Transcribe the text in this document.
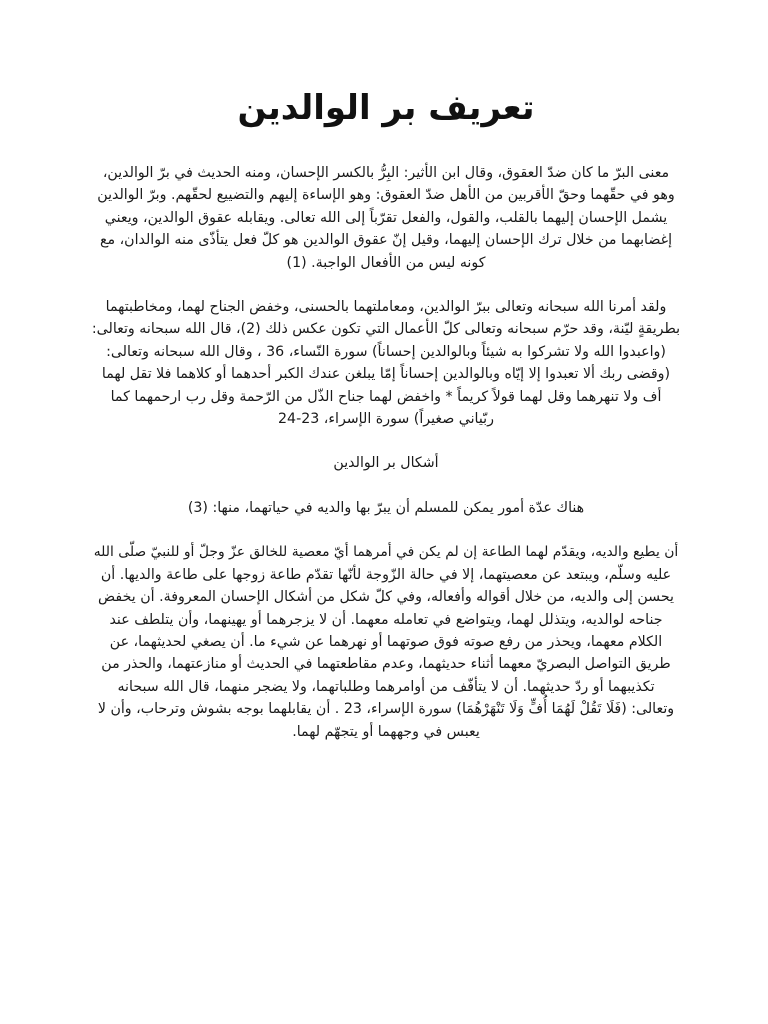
تعريف بر الوالدين

معنى البرّ ما كان ضدّ العقوق، وقال ابن الأثير: البِرُّ بالكسر الإحسان، ومنه الحديث في برّ الوالدين،
وهو في حقّهما وحقّ الأقربين من الأهل ضدّ العقوق: وهو الإساءة إليهم والتضييع لحقّهم. وبرّ الوالدين
يشمل الإحسان إليهما بالقلب، والقول، والفعل تقرّباً إلى الله تعالى. ويقابله عقوق الوالدين، ويعني
إغضابهما من خلال ترك الإحسان إليهما، وقيل إنّ عقوق الوالدين هو كلّ فعل يتأذّى منه الوالدان، مع
كونه ليس من الأفعال الواجبة. (1)

ولقد أمرنا الله سبحانه وتعالى ببرّ الوالدين، ومعاملتهما بالحسنى، وخفض الجناح لهما، ومخاطبتهما
بطريقةٍ ليّنة، وقد حرّم سبحانه وتعالى كلّ الأعمال التي تكون عكس ذلك (2)، قال الله سبحانه وتعالى:
(واعبدوا الله ولا تشركوا به شيئاً وبالوالدين إحساناً) سورة النّساء، 36 ، وقال الله سبحانه وتعالى:
(وقضى ربك ألا تعبدوا إلا إيّاه وبالوالدين إحساناً إمّا يبلغن عندك الكبر أحدهما أو كلاهما فلا تقل لهما
أف ولا تنهرهما وقل لهما قولاً كريماً * واخفض لهما جناح الذّل من الرّحمة وقل رب ارحمهما كما
ربّياني صغيراً) سورة الإسراء، 23-24

أشكال بر الوالدين

هناك عدّة أمور يمكن للمسلم أن يبرّ بها والديه في حياتهما، منها: (3)

أن يطيع والديه، ويقدّم لهما الطاعة إن لم يكن في أمرهما أيّ معصية للخالق عزّ وجلّ أو للنبيّ صلّى الله
عليه وسلّم، ويبتعد عن معصيتهما، إلا في حالة الزّوجة لأنّها تقدّم طاعة زوجها على طاعة والديها. أن
يحسن إلى والديه، من خلال أقواله وأفعاله، وفي كلّ شكل من أشكال الإحسان المعروفة. أن يخفض
جناحه لوالديه، ويتذلل لهما، ويتواضع في تعامله معهما. أن لا يزجرهما أو يهينهما، وأن يتلطف عند
الكلام معهما، ويحذر من رفع صوته فوق صوتهما أو نهرهما عن شيء ما. أن يصغي لحديثهما، عن
طريق التواصل البصريّ معهما أثناء حديثهما، وعدم مقاطعتهما في الحديث أو منازعتهما، والحذر من
تكذيبهما أو ردّ حديثهما. أن لا يتأفّف من أوامرهما وطلباتهما، ولا يضجر منهما، قال الله سبحانه
وتعالى: (فَلَا تَقُلْ لَهُمَا أُفٍّ وَلَا تَنْهَرْهُمَا) سورة الإسراء، 23 . أن يقابلهما بوجه بشوش وترحاب، وأن لا
يعبس في وجههما أو يتجهّم لهما.
